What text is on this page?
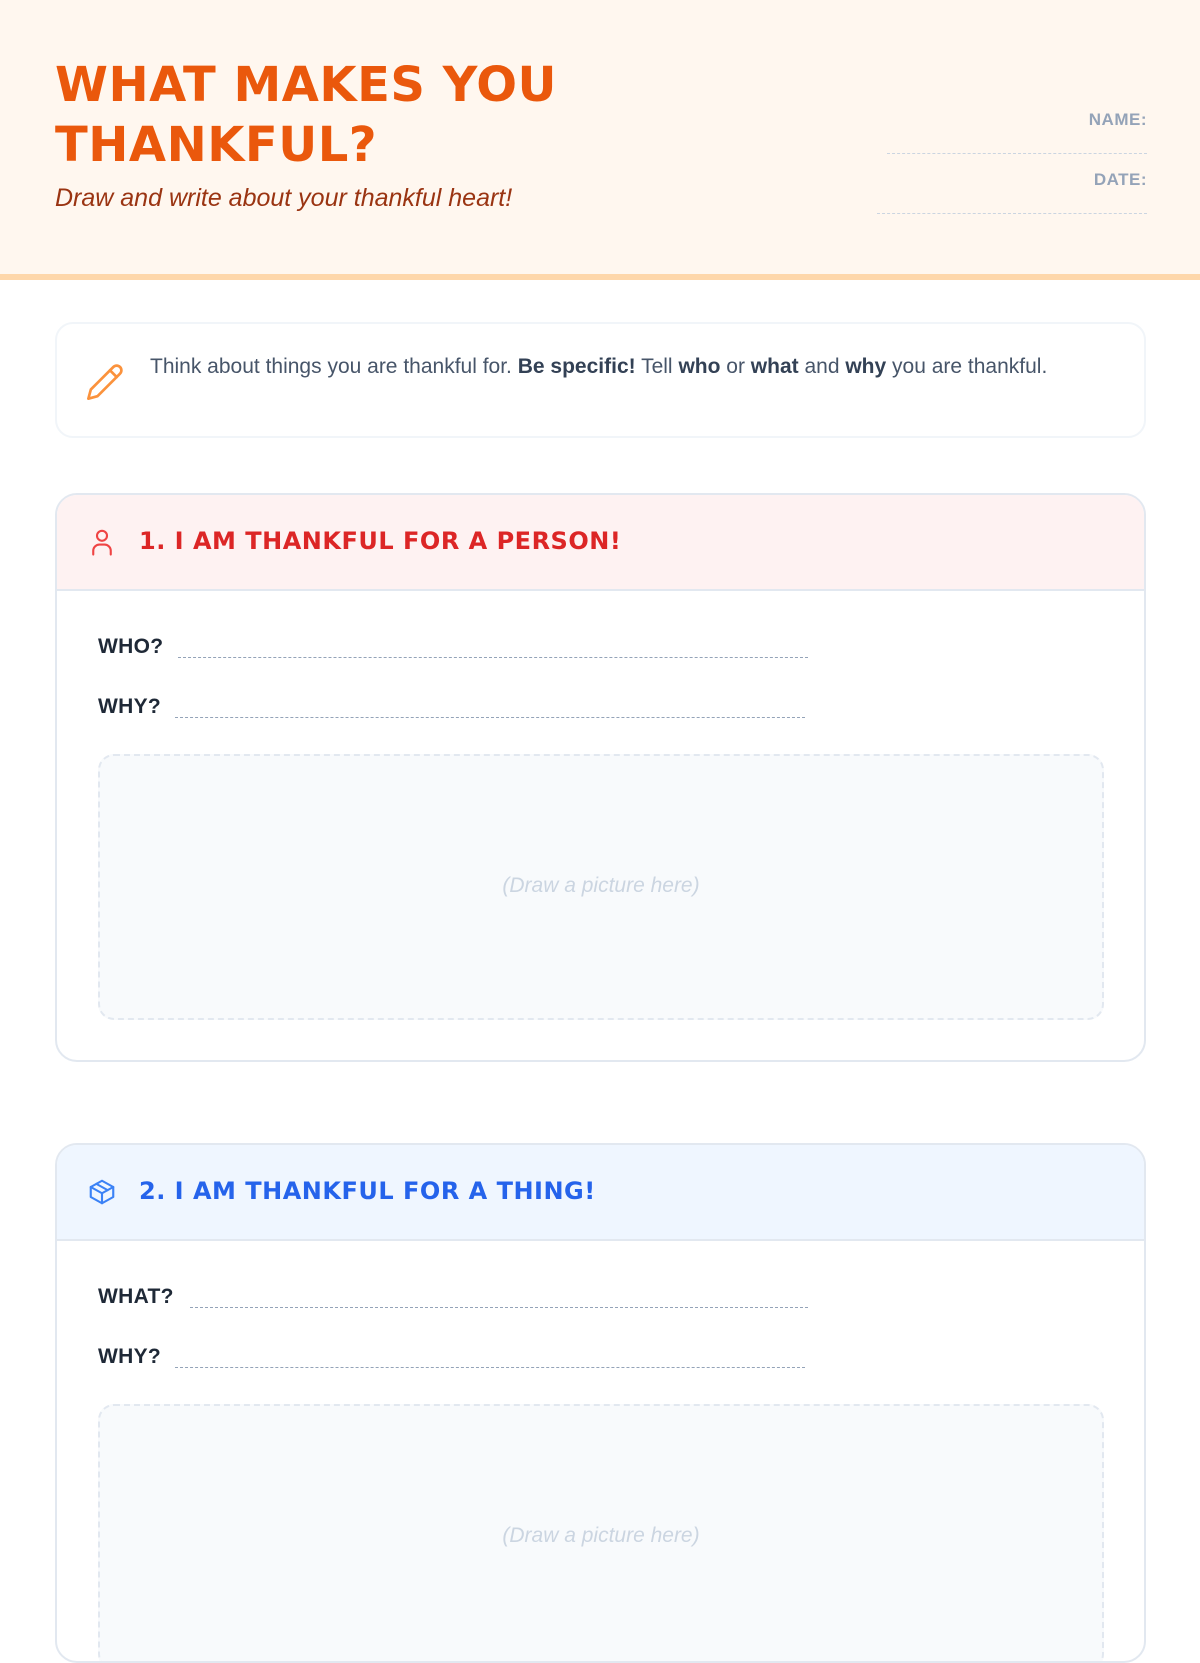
WHAT MAKES YOU THANKFUL?
Draw and write about your thankful heart!
NAME:
DATE:
Think about things you are thankful for. Be specific! Tell who or what and why you are thankful.
1. I AM THANKFUL FOR A PERSON!
WHO?
WHY?
(Draw a picture here)
2. I AM THANKFUL FOR A THING!
WHAT?
WHY?
(Draw a picture here)
